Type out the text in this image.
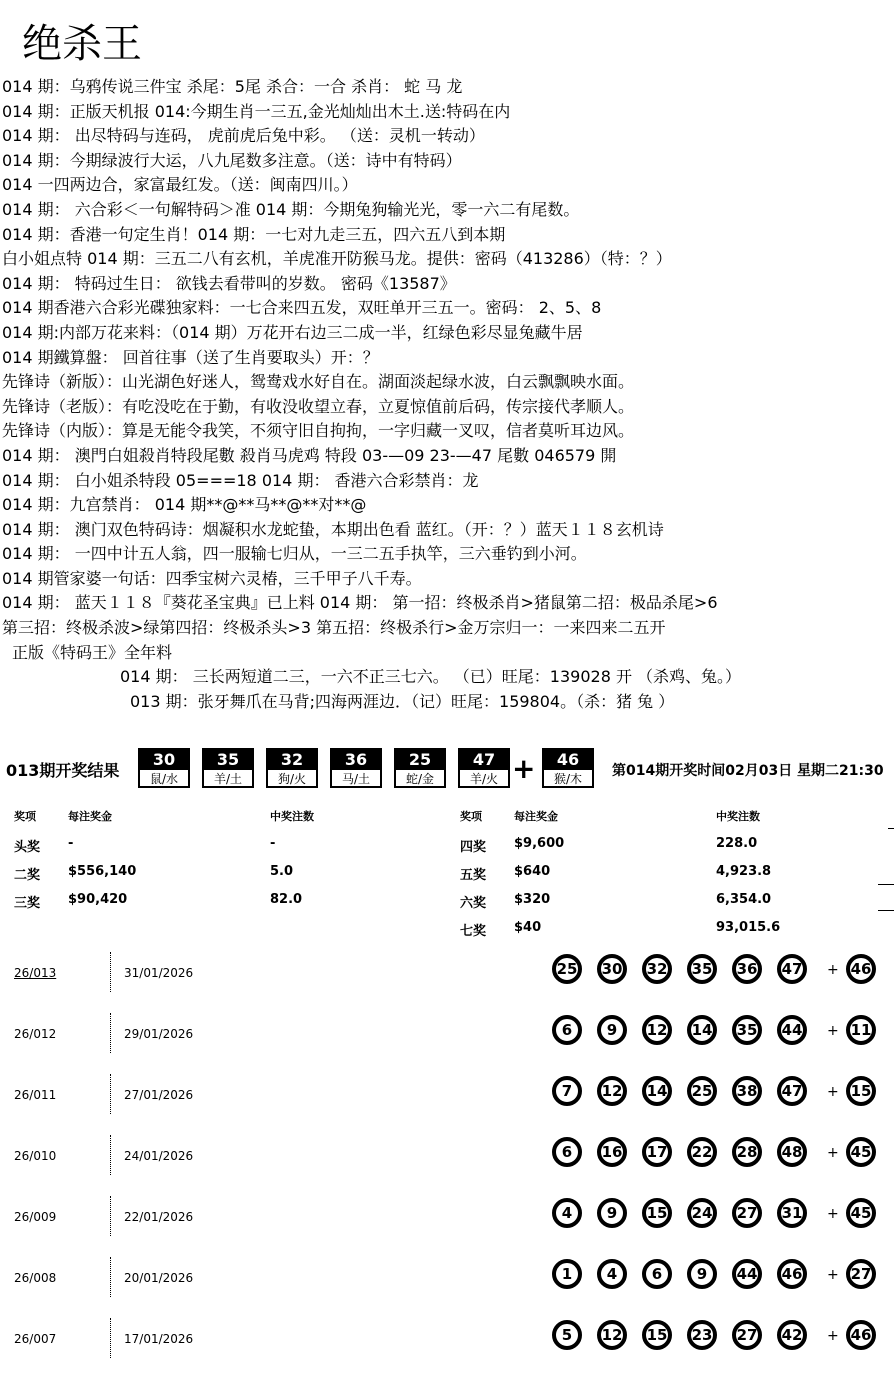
绝杀王
014 期：乌鸦传说三件宝 杀尾：5尾 杀合：一合 杀肖： 蛇 马 龙
014 期：正版天机报 014:今期生肖一三五,金光灿灿出木土.送:特码在内
014 期： 出尽特码与连码， 虎前虎后兔中彩。 （送：灵机一转动）
014 期：今期绿波行大运，八九尾数多注意。（送：诗中有特码）
014 一四两边合，家富最红发。（送：闽南四川。）
014 期： 六合彩＜一句解特码＞准 014 期：今期兔狗输光光，零一六二有尾数。
014 期：香港一句定生肖！014 期：一七对九走三五，四六五八到本期
白小姐点特 014 期：三五二八有玄机，羊虎准开防猴马龙。提供：密码（413286）（特：？）
014 期： 特码过生日： 欲钱去看带叫的岁数。 密码《13587》
014 期香港六合彩光碟独家料：一七合来四五发，双旺单开三五一。密码： 2、5、8
014 期:内部万花来料：（014 期）万花开右边三二成一半，红绿色彩尽显兔藏牛居
014 期鐵算盤： 回首往事（送了生肖要取头）开：？
先锋诗（新版）：山光湖色好迷人，鸳鸯戏水好自在。湖面淡起绿水波，白云飘飘映水面。
先锋诗（老版）：有吃没吃在于勤，有收没收望立春，立夏惊值前后码，传宗接代孝顺人。
先锋诗（内版）：算是无能令我笑，不须守旧自拘拘，一字归藏一叉叹，信者莫听耳边风。
014 期： 澳門白姐殺肖特段尾數 殺肖马虎鸡 特段 03-—09 23-—47 尾數 046579 開
014 期： 白小姐杀特段 05===18 014 期： 香港六合彩禁肖：龙
014 期：九宫禁肖： 014 期**@**马**@**对**@
014 期： 澳门双色特码诗：烟凝积水龙蛇蛰，本期出色看 蓝红。（开：？）蓝天１１８玄机诗
014 期： 一四中计五人翁，四一服输七归从，一三二五手执竿，三六垂钓到小河。
014 期管家婆一句话：四季宝树六灵椿，三千甲子八千寿。
014 期： 蓝天１１８『葵花圣宝典』已上料 014 期： 第一招：终极杀肖>猪鼠第二招：极品杀尾>6
第三招：终极杀波>绿第四招：终极杀头>3 第五招：终极杀行>金万宗归一：一来四来二五开
正版《特码王》全年料
014 期： 三长两短道二三，一六不正三七六。 （已）旺尾：139028 开 （杀鸡、兔。）
013 期：张牙舞爪在马背;四海两涯边．（记）旺尾：159804。（杀：猪 兔 ）
013期开奖结果	+	第014期开奖时间02月03日 星期二21:30
30
鼠/水
35
羊/土
32
狗/火
36
马/土
25
蛇/金
47
羊/火
46
猴/木
奖项	每注奖金	中奖注数	奖项	每注奖金	中奖注数
头奖 -	-
二奖 $556,140	5.0
三奖 $90,420	82.0
四奖 $9,600	228.0
五奖 $640	4,923.8
六奖 $320	6,354.0
七奖 $40	93,015.6
26/013	31/01/2026	25	30	32	35	36	47	+ 46
26/012	29/01/2026	6	9	12	14	35	44	+ 11
26/011	27/01/2026	7	12	14	25	38	47	+ 15
26/010	24/01/2026	6	16	17	22	28	48	+ 45
26/009	22/01/2026	4	9	15	24	27	31	+ 45
26/008	20/01/2026	1	4	6	9	44	46	+ 27
26/007	17/01/2026	5	12	15	23	27	42	+ 46
